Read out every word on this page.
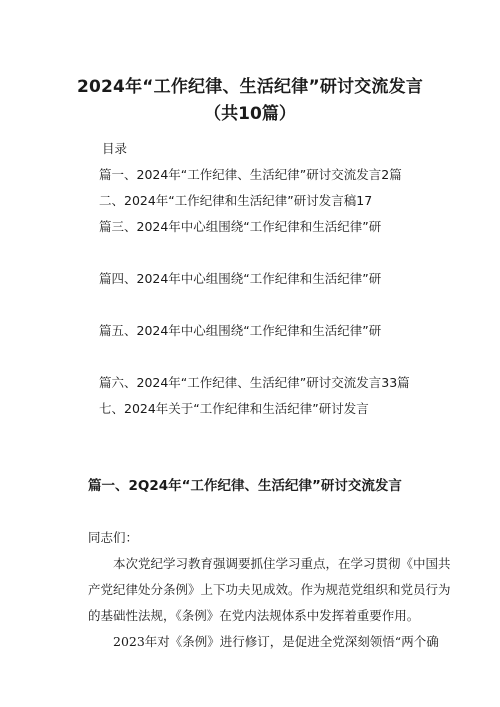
2024年“工作纪律、生活纪律”研讨交流发言
（共10篇）
目录
篇一、2024年“工作纪律、生活纪律”研讨交流发言2篇
二、2024年“工作纪律和生活纪律”研讨发言稿17
篇三、2024年中心组围绕“工作纪律和生活纪律”研
篇四、2024年中心组围绕“工作纪律和生活纪律”研
篇五、2024年中心组围绕“工作纪律和生活纪律”研
篇六、2024年“工作纪律、生活纪律”研讨交流发言33篇
七、2024年关于“工作纪律和生活纪律”研讨发言
篇一、2Q24年“工作纪律、生活纪律”研讨交流发言
同志们：
本次党纪学习教育强调要抓住学习重点，在学习贯彻《中国共
产党纪律处分条例》上下功夫见成效。作为规范党组织和党员行为
的基础性法规，《条例》在党内法规体系中发挥着重要作用。
2023年对《条例》进行修订，是促进全党深刻领悟“两个确
